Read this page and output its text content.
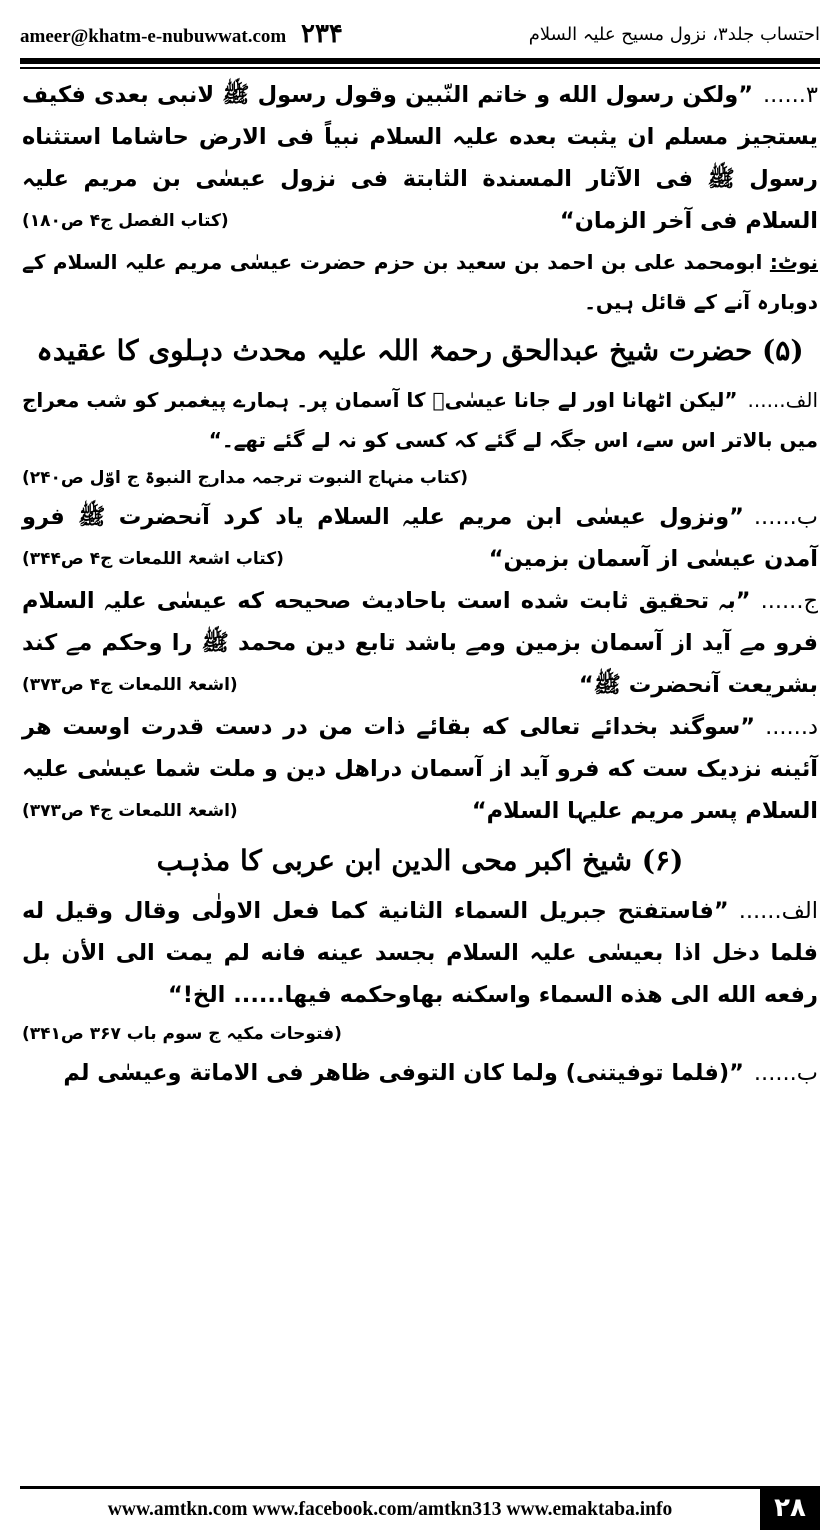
ameer@khatm-e-nubuwwat.com ۲۳۴	احتساب جلد۳، نزول مسیح علیہ السلام

۳......”ولکن رسول الله و خاتم النّبین وقول رسول ﷺ لانبی بعدی فکیف یستجیز مسلم ان یثبت بعده علیہ السلام نبیاً فی الارض حاشاما استثناه رسول ﷺ فی الآثار المسندة الثابتة فی نزول عیسٰی بن مریم علیہ السلام فی آخر الزمان“
(کتاب الفصل ج۴ ص۱۸۰)

نوٹ: ابومحمد علی بن احمد بن سعید بن حزم حضرت عیسٰی مریم علیہ السلام کے دوبارہ آنے کے قائل ہیں۔

(۵) حضرت شیخ عبدالحق رحمۃ اللہ علیہ محدث دہلوی کا عقیدہ

الف......”لیکن اٹھانا اور لے جانا عیسٰیؑ کا آسمان پر۔ ہمارے پیغمبر کو شب معراج میں بالاتر اس سے، اس جگہ لے گئے کہ کسی کو نہ لے گئے تھے۔“

(کتاب منہاج النبوت ترجمہ مدارج النبوۃ ج اوّل ص۲۴۰)

ب......”ونزول عیسٰی ابن مریم علیہ السلام یاد کرد آنحضرت ﷺ فرو آمدن عیسٰی از آسمان بزمین“
(کتاب اشعۃ اللمعات ج۴ ص۳۴۴)

ج......”بہ تحقیق ثابت شده است باحادیث صحیحه که عیسٰی علیہ السلام فرو مے آید از آسمان بزمین ومے باشد تابع دین محمد ﷺ را وحکم مے کند بشریعت آنحضرت ﷺ“
(اشعۃ اللمعات ج۴ ص۳۷۳)

د......”سوگند بخدائے تعالی که بقائے ذات من در دست قدرت اوست هر آئینه نزدیک ست که فرو آید از آسمان دراهل دین و ملت شما عیسٰی علیہ السلام پسر مریم علیہا السلام“
(اشعۃ اللمعات ج۴ ص۳۷۳)

(۶) شیخ اکبر محی الدین ابن عربی کا مذہب

الف......”فاستفتح جبریل السماء الثانیة کما فعل الاولٰی وقال وقیل له فلما دخل اذا بعیسٰی علیہ السلام بجسد عینه فانه لم یمت الی الأن بل رفعه الله الی هذه السماء واسکنه بهاوحکمه فیها...... الخ!“

(فتوحات مکیہ ج سوم باب ۳۶۷ ص۳۴۱)

ب......”(فلما توفیتنی) ولما کان التوفی ظاهر فی الاماتة وعیسٰی لم

www.amtkn.com www.facebook.com/amtkn313 www.emaktaba.info	۲۸
